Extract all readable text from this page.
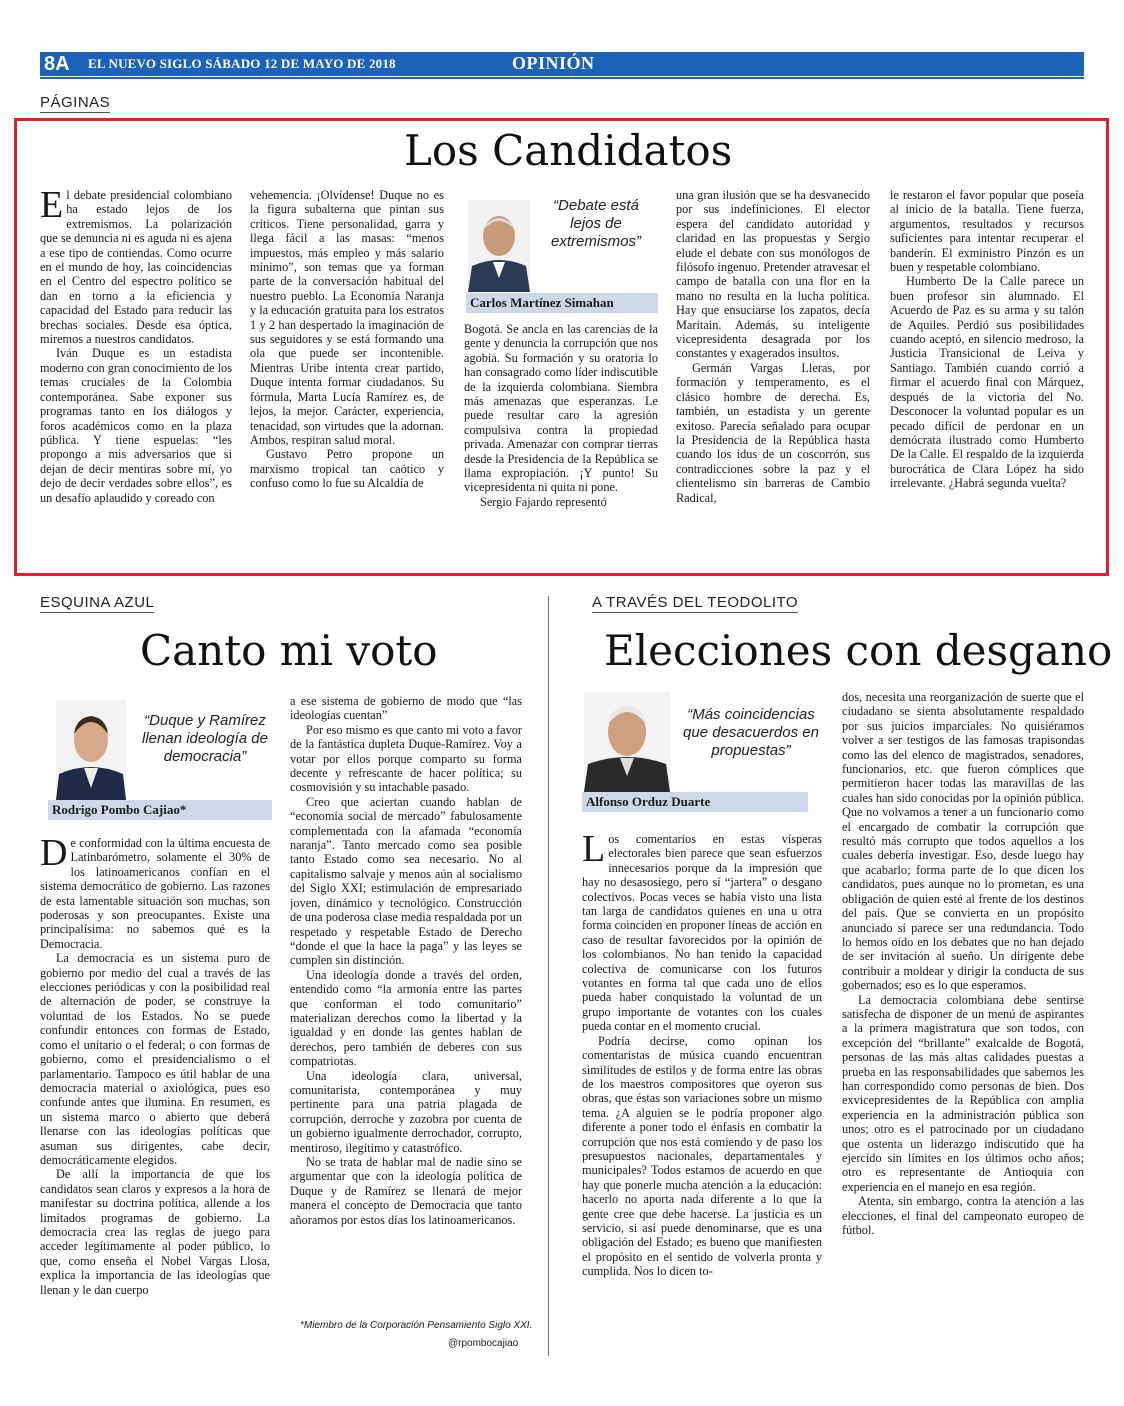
8A EL NUEVO SIGLO SÁBADO 12 DE MAYO DE 2018	OPINIÓN
PÁGINAS
Los Candidatos

El debate presidencial colombiano ha estado lejos de los extremismos. La polarización que se denuncia ni es aguda ni es ajena a ese tipo de contiendas. Como ocurre en el mundo de hoy, las coincidencias en el Centro del espectro político se dan en torno a la eficiencia y capacidad del Estado para reducir las brechas sociales. Desde esa óptica, miremos a nuestros candidatos.

Iván Duque es un estadista moderno con gran conocimiento de los temas cruciales de la Colombia contemporánea. Sabe exponer sus programas tanto en los diálogos y foros académicos como en la plaza pública. Y tiene espuelas: “les propongo a mis adversarios que si dejan de decir mentiras sobre mí, yo dejo de decir verdades sobre ellos”, es un desafío aplaudido y coreado con

vehemencia. ¡Olvídense! Duque no es la figura subalterna que pintan sus críticos. Tiene personalidad, garra y llega fácil a las masas: “menos impuestos, más empleo y más salario mínimo”, son temas que ya forman parte de la conversación habitual del nuestro pueblo. La Economía Naranja y la educación gratuita para los estratos 1 y 2 han despertado la imaginación de sus seguidores y se está formando una ola que puede ser incontenible. Mientras Uribe intenta crear partido, Duque intenta formar ciudadanos. Su fórmula, Marta Lucía Ramírez es, de lejos, la mejor. Carácter, experiencia, tenacidad, son virtudes que la adornan. Ambos, respiran salud moral.

Gustavo Petro propone un marxismo tropical tan caótico y confuso como lo fue su Alcaldía de

“Debate está lejos de extremismos”
Carlos Martínez Simahan

Bogotá. Se ancla en las carencias de la gente y denuncia la corrupción que nos agobia. Su formación y su oratoria lo han consagrado como líder indiscutible de la izquierda colombiana. Siembra más amenazas que esperanzas. Le puede resultar caro la agresión compulsiva contra la propiedad privada. Amenazar con comprar tierras desde la Presidencia de la República se llama expropiación. ¡Y punto! Su vicepresidenta ni quita ni pone.

Sergio Fajardo representó

una gran ilusión que se ha desvanecido por sus indefiniciones. El elector espera del candidato autoridad y claridad en las propuestas y Sergio elude el debate con sus monólogos de filósofo ingenuo. Pretender atravesar el campo de batalla con una flor en la mano no resulta en la lucha política. Hay que ensuciarse los zapatos, decía Maritain. Además, su inteligente vicepresidenta desagrada por los constantes y exagerados insultos.

Germán Vargas Lleras, por formación y temperamento, es el clásico hombre de derecha. Es, también, un estadista y un gerente exitoso. Parecía señalado para ocupar la Presidencia de la República hasta cuando los idus de un coscorrón, sus contradicciones sobre la paz y el clientelismo sin barreras de Cambio Radical,

le restaron el favor popular que poseía al inicio de la batalla. Tiene fuerza, argumentos, resultados y recursos suficientes para intentar recuperar el banderín. El exministro Pinzón es un buen y respetable colombiano.

Humberto De la Calle parece un buen profesor sin alumnado. El Acuerdo de Paz es su arma y su talón de Aquiles. Perdió sus posibilidades cuando aceptó, en silencio medroso, la Justicia Transicional de Leiva y Santiago. También cuando corrió a firmar el acuerdo final con Márquez, después de la victoria del No. Desconocer la voluntad popular es un pecado difícil de perdonar en un demócrata ilustrado como Humberto De la Calle. El respaldo de la izquierda burocrática de Clara López ha sido irrelevante. ¿Habrá segunda vuelta?

ESQUINA AZUL
Canto mi voto
“Duque y Ramírez llenan ideología de democracia”
Rodrigo Pombo Cajiao*

De conformidad con la última encuesta de Latinbarómetro, solamente el 30% de los latinoamericanos confían en el sistema democrático de gobierno. Las razones de esta lamentable situación son muchas, son poderosas y son preocupantes. Existe una principalísima: no sabemos qué es la Democracia.

La democracia es un sistema puro de gobierno por medio del cual a través de las elecciones periódicas y con la posibilidad real de alternación de poder, se construye la voluntad de los Estados. No se puede confundir entonces con formas de Estado, como el unitario o el federal; o con formas de gobierno, como el presidencialismo o el parlamentario. Tampoco es útil hablar de una democracia material o axiológica, pues eso confunde antes que ilumina. En resumen, es un sistema marco o abierto que deberá llenarse con las ideologías políticas que asuman sus dirigentes, cabe decir, democráticamente elegidos.

De allí la importancia de que los candidatos sean claros y expresos a la hora de manifestar su doctrina política, allende a los limitados programas de gobierno. La democracia crea las reglas de juego para acceder legítimamente al poder público, lo que, como enseña el Nobel Vargas Llosa, explica la importancia de las ideologías que llenan y le dan cuerpo

a ese sistema de gobierno de modo que “las ideologías cuentan”

Por eso mismo es que canto mi voto a favor de la fantástica dupleta Duque-Ramírez. Voy a votar por ellos porque comparto su forma decente y refrescante de hacer política; su cosmovisión y su intachable pasado.

Creo que aciertan cuando hablan de “economía social de mercado” fabulosamente complementada con la afamada “economía naranja”. Tanto mercado como sea posible tanto Estado como sea necesario. No al capitalismo salvaje y menos aún al socialismo del Siglo XXI; estimulación de empresariado joven, dinámico y tecnológico. Construcción de una poderosa clase media respaldada por un respetado y respetable Estado de Derecho “donde el que la hace la paga” y las leyes se cumplen sin distinción.

Una ideología donde a través del orden, entendido como “la armonía entre las partes que conforman el todo comunitario” materializan derechos como la libertad y la igualdad y en donde las gentes hablan de derechos, pero también de deberes con sus compatriotas.

Una ideología clara, universal, comunitarista, contemporánea y muy pertinente para una patria plagada de corrupción, derroche y zozobra por cuenta de un gobierno igualmente derrochador, corrupto, mentiroso, ilegítimo y catastrófico.

No se trata de hablar mal de nadie sino se argumentar que con la ideología política de Duque y de Ramírez se llenará de mejor manera el concepto de Democracia que tanto añoramos por estos días los latinoamericanos.

*Miembro de la Corporación Pensamiento Siglo XXI.
@rpombocajiao
A TRAVÉS DEL TEODOLITO
Elecciones con desgano
“Más coincidencias que desacuerdos en propuestas”
Alfonso Orduz Duarte

Los comentarios en estas vísperas electorales bien parece que sean esfuerzos innecesarios porque da la impresión que hay no desasosiego, pero sí “jartera” o desgano colectivos. Pocas veces se había visto una lista tan larga de candidatos quienes en una u otra forma coinciden en proponer líneas de acción en caso de resultar favorecidos por la opinión de los colombianos. No han tenido la capacidad colectiva de comunicarse con los futuros votantes en forma tal que cada uno de ellos pueda haber conquistado la voluntad de un grupo importante de votantes con los cuales pueda contar en el momento crucial.

Podría decirse, como opinan los comentaristas de música cuando encuentran similitudes de estilos y de forma entre las obras de los maestros compositores que oyeron sus obras, que éstas son variaciones sobre un mismo tema. ¿A alguien se le podría proponer algo diferente a poner todo el énfasis en combatir la corrupción que nos está comiendo y de paso los presupuestos nacionales, departamentales y municipales? Todos estamos de acuerdo en que hay que ponerle mucha atención a la educación: hacerlo no aporta nada diferente a lo que la gente cree que debe hacerse. La justicia es un servicio, si así puede denominarse, que es una obligación del Estado; es bueno que manifiesten el propósito en el sentido de volverla pronta y cumplida. Nos lo dicen to-

dos, necesita una reorganización de suerte que el ciudadano se sienta absolutamente respaldado por sus juicios imparciales. No quisiéramos volver a ser testigos de las famosas trapisondas como las del elenco de magistrados, senadores, funcionarios, etc. que fueron cómplices que permitieron hacer todas las maravillas de las cuales han sido conocidas por la opinión pública. Que no volvamos a tener a un funcionario como el encargado de combatir la corrupción que resultó más corrupto que todos aquellos a los cuales debería investigar. Eso, desde luego hay que acabarlo; forma parte de lo que dicen los candidatos, pues aunque no lo prometan, es una obligación de quien esté al frente de los destinos del país. Que se convierta en un propósito anunciado sí parece ser una redundancia. Todo lo hemos oído en los debates que no han dejado de ser invitación al sueño. Un dirigente debe contribuir a moldear y dirigir la conducta de sus gobernados; eso es lo que esperamos.

La democracia colombiana debe sentirse satisfecha de disponer de un menú de aspirantes a la primera magistratura que son todos, con excepción del “brillante” exalcalde de Bogotá, personas de las más altas calidades puestas a prueba en las responsabilidades que sabemos les han correspondido como personas de bien. Dos exvicepresidentes de la República con amplia experiencia en la administración pública son unos; otro es el patrocinado por un ciudadano que ostenta un liderazgo indiscutido que ha ejercido sin límites en los últimos ocho años; otro es representante de Antioquia con experiencia en el manejo en esa región.

Atenta, sin embargo, contra la atención a las elecciones, el final del campeonato europeo de fútbol.
